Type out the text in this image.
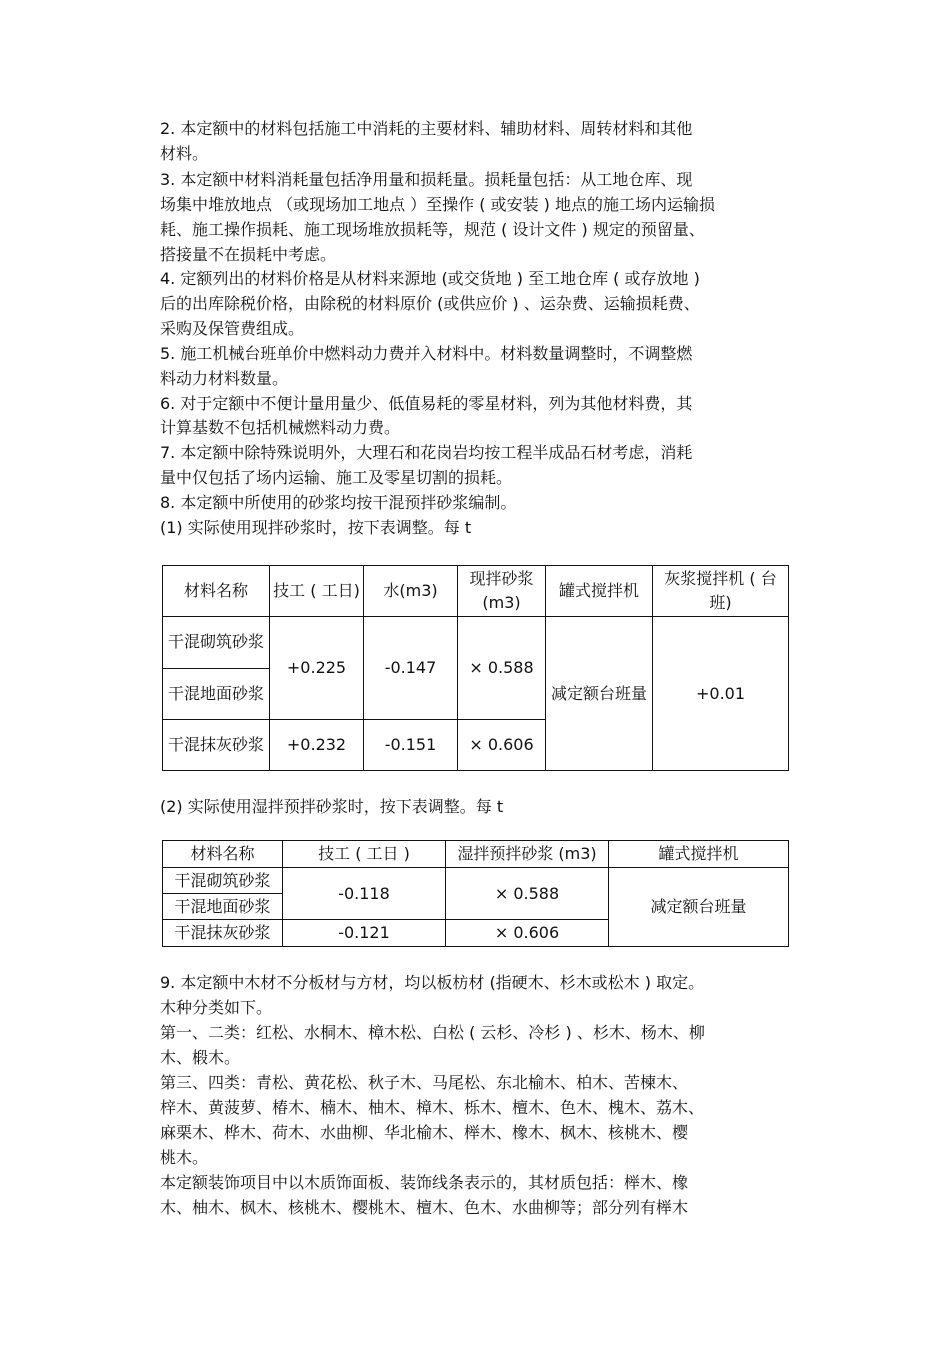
2. 本定额中的材料包括施工中消耗的主要材料、辅助材料、周转材料和其他
材料。
3. 本定额中材料消耗量包括净用量和损耗量。损耗量包括：从工地仓库、现
场集中堆放地点 （或现场加工地点 ）至操作 ( 或安装 ) 地点的施工场内运输损
耗、施工操作损耗、施工现场堆放损耗等，规范 ( 设计文件 ) 规定的预留量、
搭接量不在损耗中考虑。
4. 定额列出的材料价格是从材料来源地 (或交货地 ) 至工地仓库 ( 或存放地 )
后的出库除税价格，由除税的材料原价 (或供应价 ) 、运杂费、运输损耗费、
采购及保管费组成。
5. 施工机械台班单价中燃料动力费并入材料中。材料数量调整时，不调整燃
料动力材料数量。
6. 对于定额中不便计量用量少、低值易耗的零星材料，列为其他材料费，其
计算基数不包括机械燃料动力费。
7. 本定额中除特殊说明外，大理石和花岗岩均按工程半成品石材考虑，消耗
量中仅包括了场内运输、施工及零星切割的损耗。
8. 本定额中所使用的砂浆均按干混预拌砂浆编制。
(1) 实际使用现拌砂浆时，按下表调整。每 t
材料名称	技工 ( 工日)	水(m3)	现拌砂浆(m3)	罐式搅拌机	灰浆搅拌机 ( 台班)
干混砌筑砂浆	+0.225	-0.147	× 0.588	减定额台班量	+0.01
干混地面砂浆					
干混抹灰砂浆	+0.232	-0.151	× 0.606		
(2) 实际使用湿拌预拌砂浆时，按下表调整。每 t
材料名称	技工 ( 工日 )	湿拌预拌砂浆 (m3)	罐式搅拌机
干混砌筑砂浆	-0.118	× 0.588	减定额台班量
干混地面砂浆			
干混抹灰砂浆	-0.121	× 0.606	
9. 本定额中木材不分板材与方材，均以板枋材 (指硬木、杉木或松木 ) 取定。
木种分类如下。
第一、二类：红松、水桐木、樟木松、白松 ( 云杉、冷杉 ) 、杉木、杨木、柳
木、椴木。
第三、四类：青松、黄花松、秋子木、马尾松、东北榆木、柏木、苦楝木、
梓木、黄菠萝、椿木、楠木、柚木、樟木、栎木、檀木、色木、槐木、荔木、
麻栗木、桦木、荷木、水曲柳、华北榆木、榉木、橡木、枫木、核桃木、樱
桃木。
本定额装饰项目中以木质饰面板、装饰线条表示的，其材质包括：榉木、橡
木、柚木、枫木、核桃木、樱桃木、檀木、色木、水曲柳等；部分列有榉木
